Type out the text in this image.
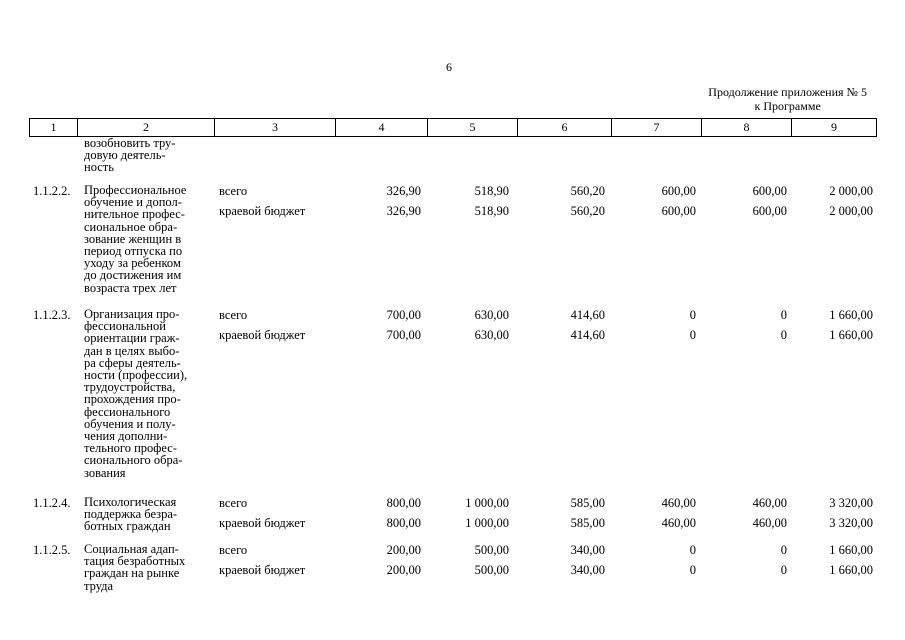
6
Продолжение приложения № 5
к Программе
1	2	3	4	5	6	7	8	9
возобновить тру-
довую деятель-
ность
1.1.2.2. Профессиональное
обучение и допол-
нительное профес-
сиональное обра-
зование женщин в
период отпуска по
уходу за ребенком
до достижения им
возраста трех лет
всего	326,90	518,90	560,20	600,00	600,00	2 000,00
краевой бюджет	326,90	518,90	560,20	600,00	600,00	2 000,00
1.1.2.3. Организация про-
фессиональной
ориентации граж-
дан в целях выбо-
ра сферы деятель-
ности (профессии),
трудоустройства,
прохождения про-
фессионального
обучения и полу-
чения дополни-
тельного профес-
сионального обра-
зования
всего	700,00	630,00	414,60	0	0	1 660,00
краевой бюджет	700,00	630,00	414,60	0	0	1 660,00
1.1.2.4. Психологическая
поддержка безра-
ботных граждан
всего	800,00	1 000,00	585,00	460,00	460,00	3 320,00
краевой бюджет	800,00	1 000,00	585,00	460,00	460,00	3 320,00
1.1.2.5. Социальная адап-
тация безработных
граждан на рынке
труда
всего	200,00	500,00	340,00	0	0	1 660,00
краевой бюджет	200,00	500,00	340,00	0	0	1 660,00
